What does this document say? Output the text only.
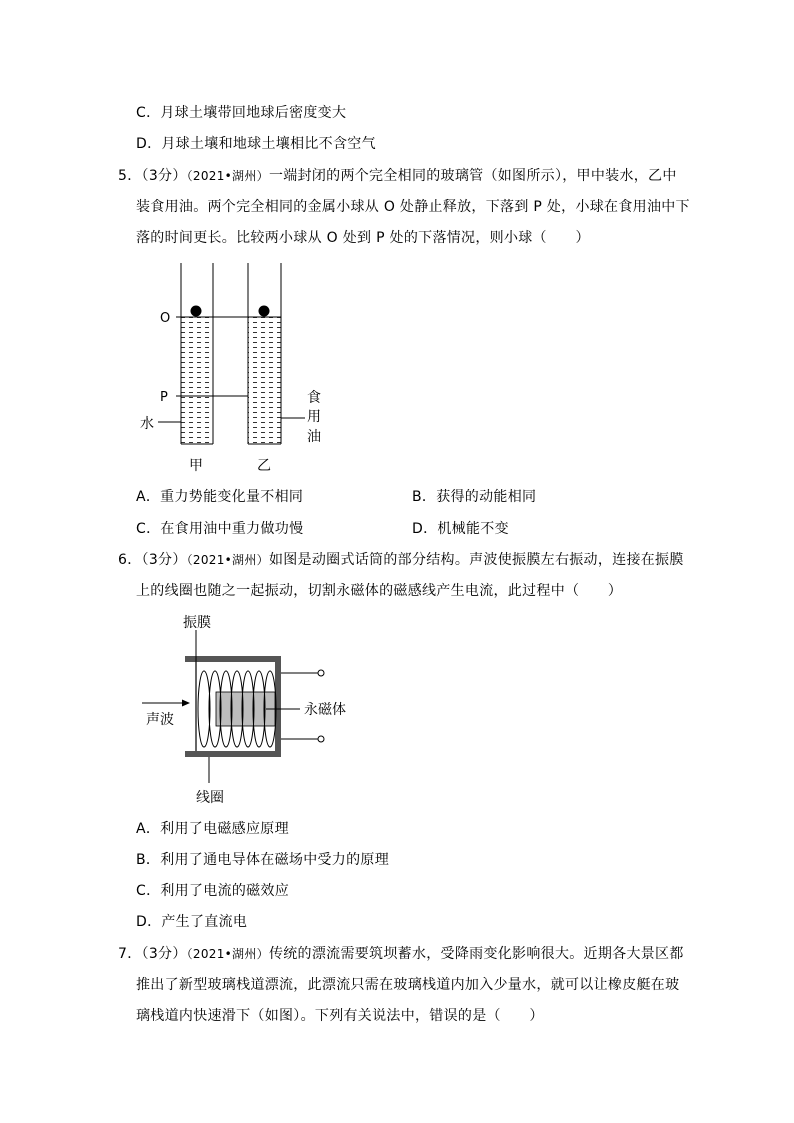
C．月球土壤带回地球后密度变大
D．月球土壤和地球土壤相比不含空气
5．（3分）（2021•湖州）一端封闭的两个完全相同的玻璃管（如图所示），甲中装水，乙中
装食用油。两个完全相同的金属小球从 O 处静止释放，下落到 P 处，小球在食用油中下
落的时间更长。比较两小球从 O 处到 P 处的下落情况，则小球（　　）
O
P
水
食
用
油
甲	乙
A．重力势能变化量不相同	B．获得的动能相同
C．在食用油中重力做功慢	D．机械能不变
6．（3分）（2021•湖州）如图是动圈式话筒的部分结构。声波使振膜左右振动，连接在振膜
上的线圈也随之一起振动，切割永磁体的磁感线产生电流，此过程中（　　）
振膜
声波
永磁体
线圈
A．利用了电磁感应原理
B．利用了通电导体在磁场中受力的原理
C．利用了电流的磁效应
D．产生了直流电
7．（3分）（2021•湖州）传统的漂流需要筑坝蓄水，受降雨变化影响很大。近期各大景区都
推出了新型玻璃栈道漂流，此漂流只需在玻璃栈道内加入少量水，就可以让橡皮艇在玻
璃栈道内快速滑下（如图）。下列有关说法中，错误的是（　　）
